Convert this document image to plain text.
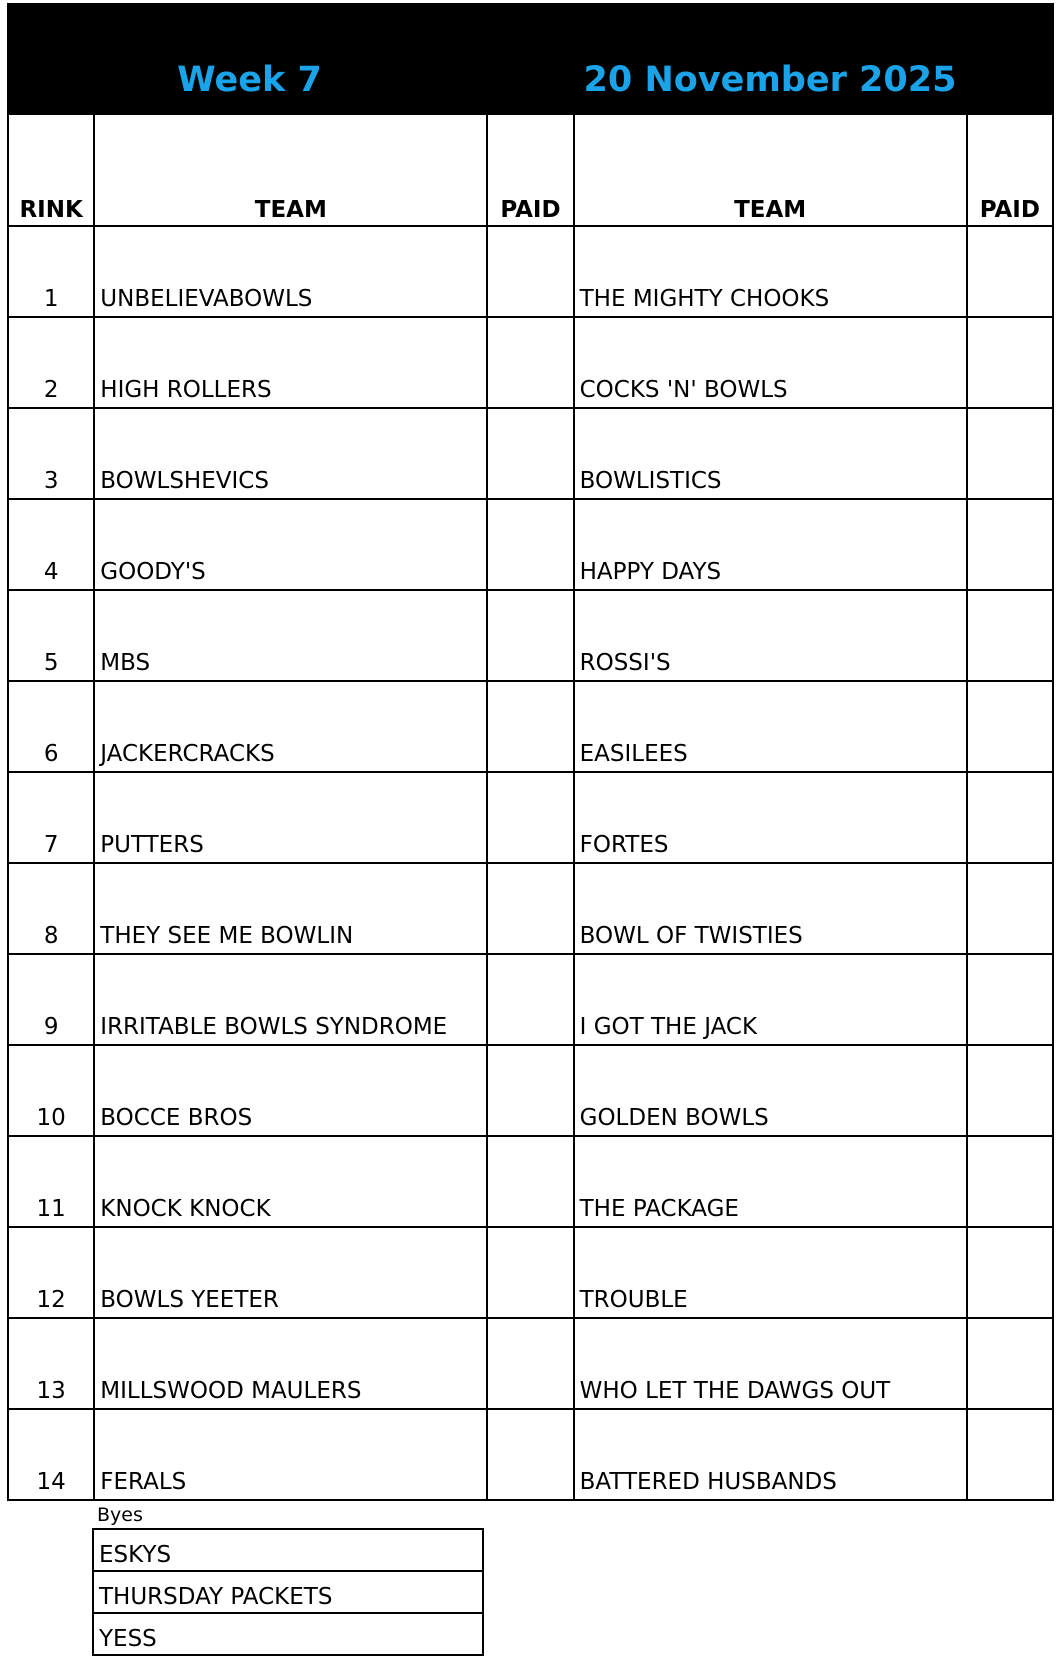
Week 7	20 November 2025
RINK	TEAM	PAID	TEAM	PAID
1	UNBELIEVABOWLS		THE MIGHTY CHOOKS	
2	HIGH ROLLERS		COCKS 'N' BOWLS	
3	BOWLSHEVICS		BOWLISTICS	
4	GOODY'S		HAPPY DAYS	
5	MBS		ROSSI'S	
6	JACKERCRACKS		EASILEES	
7	PUTTERS		FORTES	
8	THEY SEE ME BOWLIN		BOWL OF TWISTIES	
9	IRRITABLE BOWLS SYNDROME		I GOT THE JACK	
10	BOCCE BROS		GOLDEN BOWLS	
11	KNOCK KNOCK		THE PACKAGE	
12	BOWLS YEETER		TROUBLE	
13	MILLSWOOD MAULERS		WHO LET THE DAWGS OUT	
14	FERALS		BATTERED HUSBANDS	
Byes
ESKYS
THURSDAY PACKETS
YESS
